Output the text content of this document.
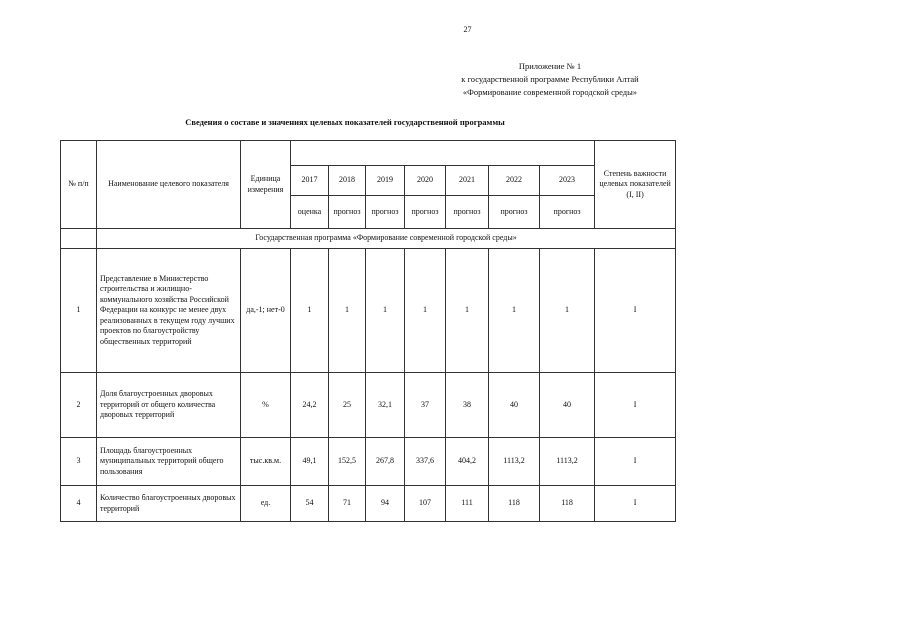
27
Приложение № 1
к государственной программе Республики Алтай
«Формирование современной городской среды»
Сведения о составе и значениях целевых показателей государственной программы
№ п/п	Наименование целевого показателя	Единица измерения								Степень важности целевых показателей (I, II)
			2017	2018	2019	2020	2021	2022	2023	
			оценка	прогноз	прогноз	прогноз	прогноз	прогноз	прогноз	
	Государственная программа «Формирование современной городской среды»									
1	Представление в Министерство строительства и жилищно-коммунального хозяйства Российской Федерации на конкурс не менее двух реализованных в текущем году лучших проектов по благоустройству общественных территорий	да,-1; нет-0	1	1	1	1	1	1	1	I
2	Доля благоустроенных дворовых территорий от общего количества дворовых территорий	%	24,2	25	32,1	37	38	40	40	I
3	Площадь благоустроенных муниципальных территорий общего пользования	тыс.кв.м.	49,1	152,5	267,8	337,6	404,2	1113,2	1113,2	I
4	Количество благоустроенных дворовых территорий	ед.	54	71	94	107	111	118	118	I
